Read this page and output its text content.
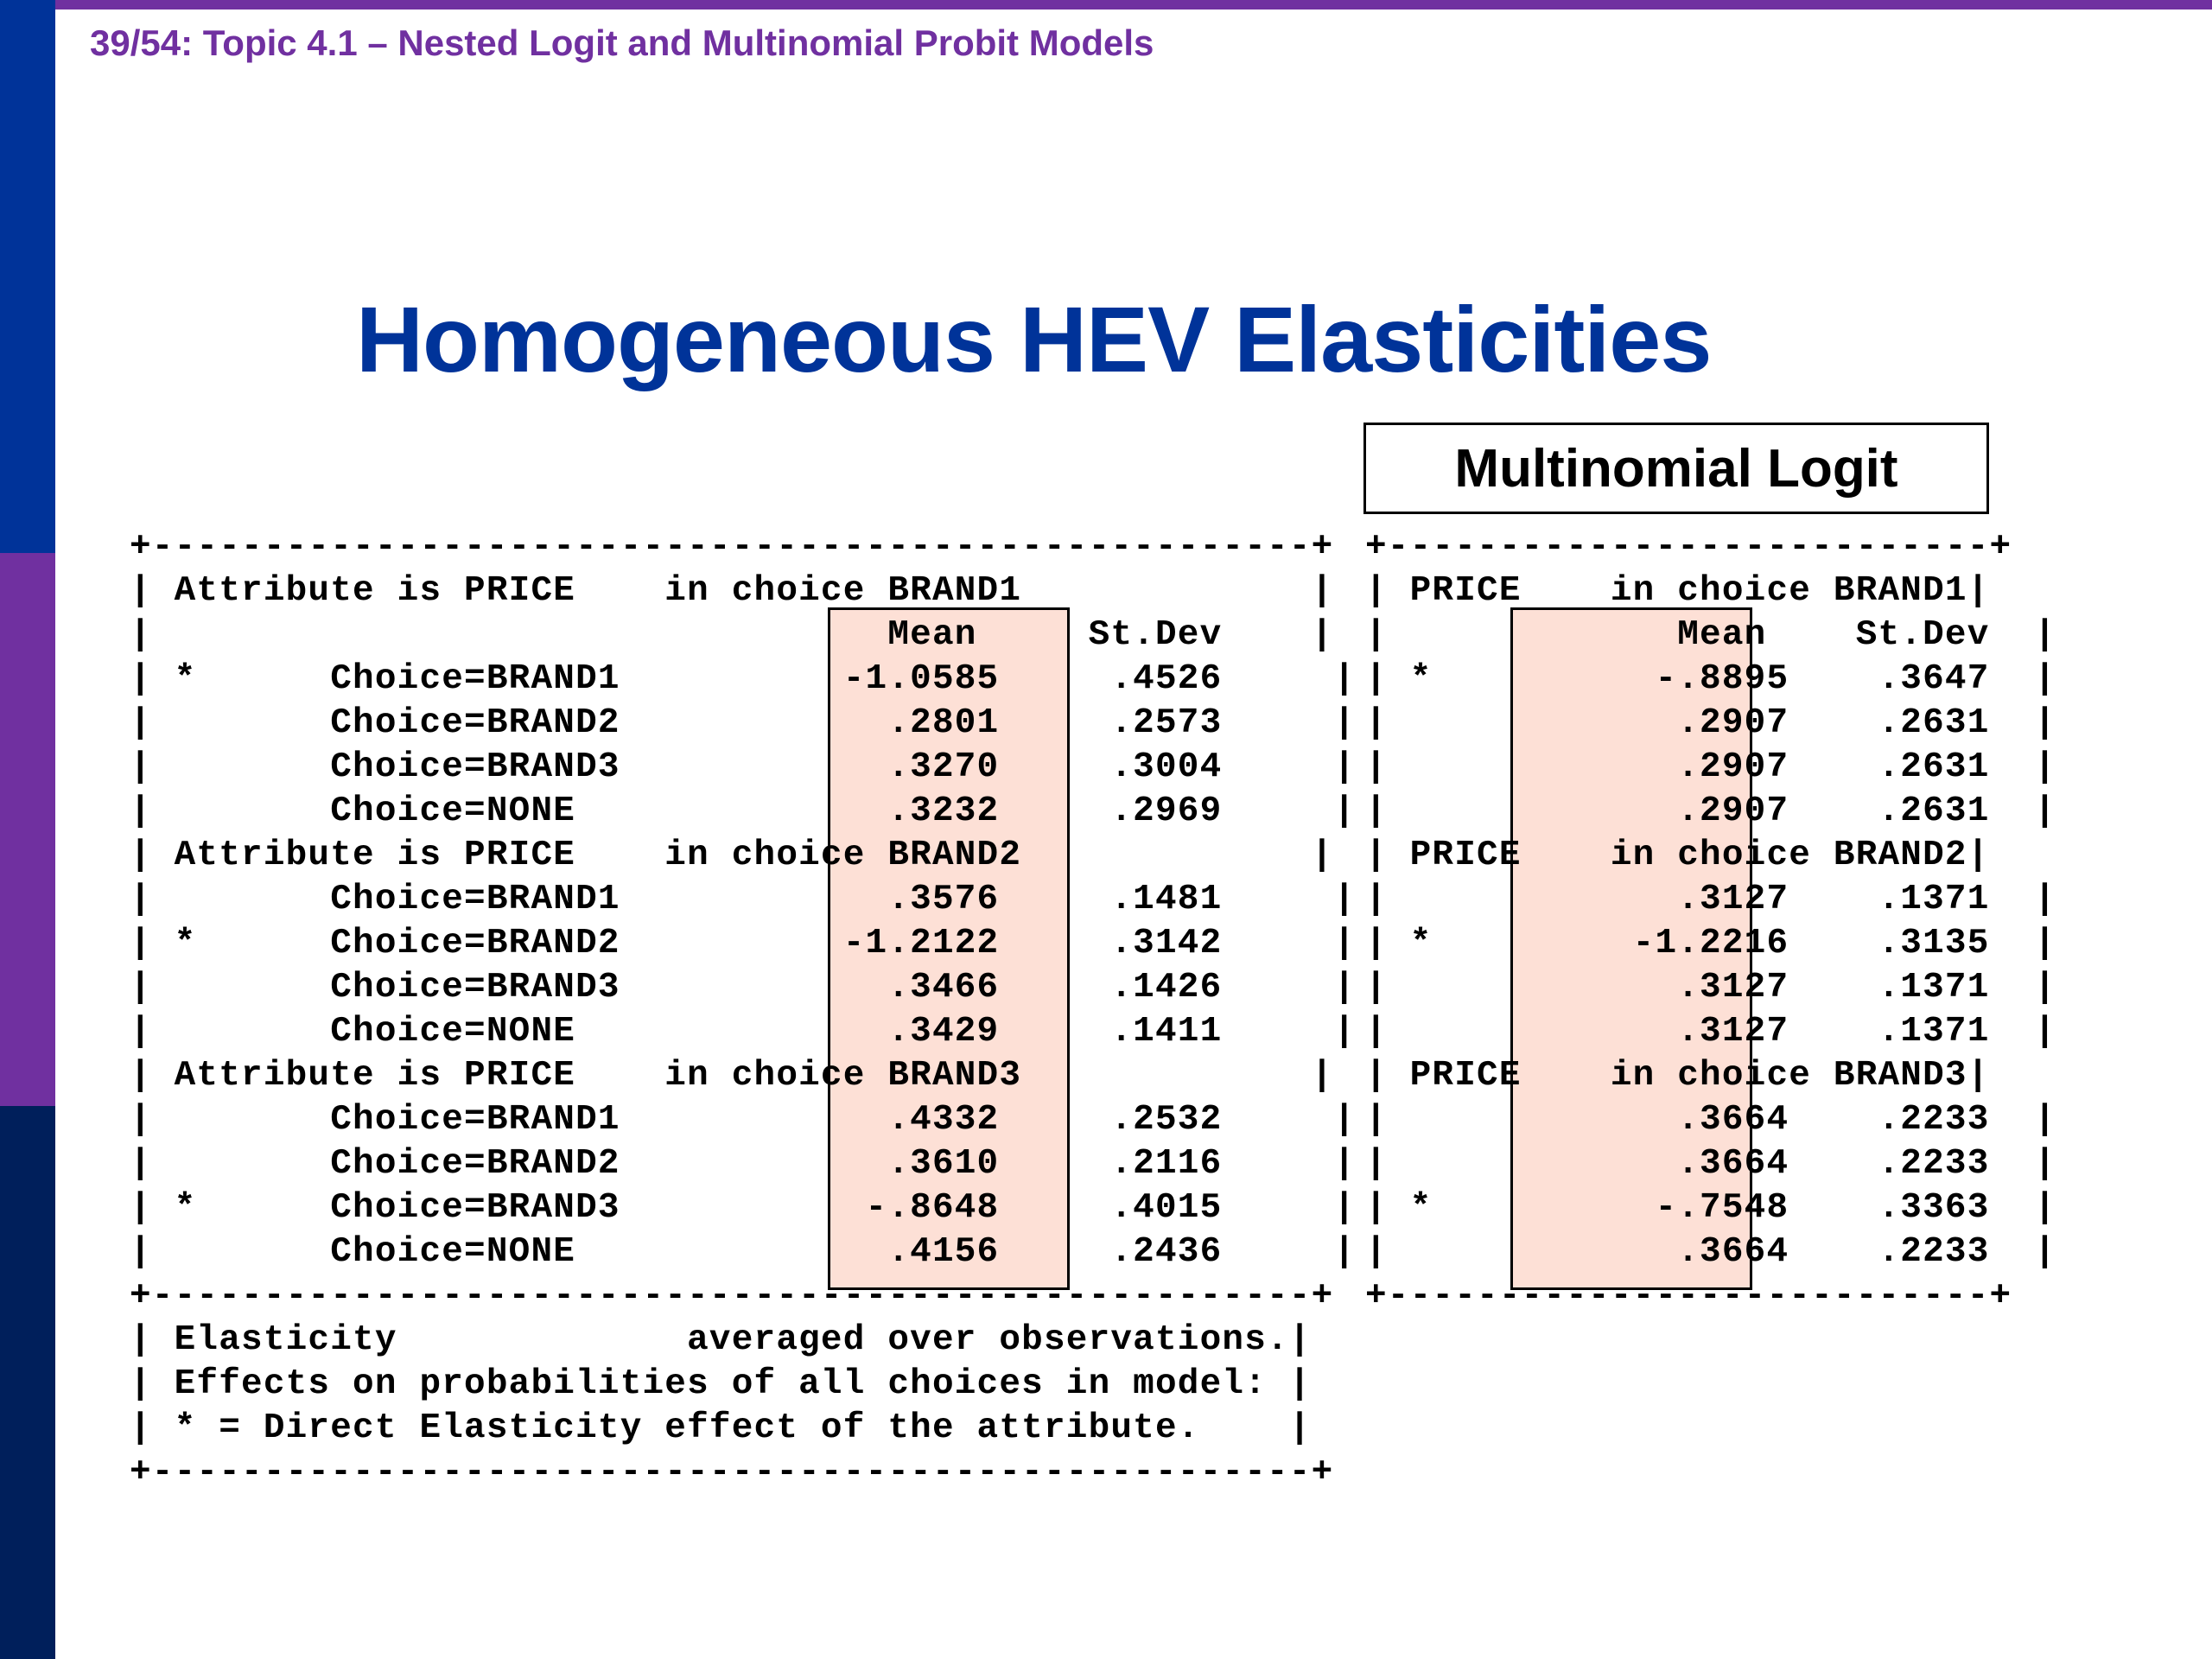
39/54: Topic 4.1 – Nested Logit and Multinomial Probit Models
Homogeneous HEV Elasticities
Multinomial Logit
+----------------------------------------------------+
| Attribute is PRICE    in choice BRAND1             |
|                                 Mean     St.Dev    |
| *      Choice=BRAND1          -1.0585     .4526     |
|        Choice=BRAND2            .2801     .2573     |
|        Choice=BRAND3            .3270     .3004     |
|        Choice=NONE              .3232     .2969     |
| Attribute is PRICE    in choice BRAND2             |
|        Choice=BRAND1            .3576     .1481     |
| *      Choice=BRAND2          -1.2122     .3142     |
|        Choice=BRAND3            .3466     .1426     |
|        Choice=NONE              .3429     .1411     |
| Attribute is PRICE    in choice BRAND3             |
|        Choice=BRAND1            .4332     .2532     |
|        Choice=BRAND2            .3610     .2116     |
| *      Choice=BRAND3           -.8648     .4015     |
|        Choice=NONE              .4156     .2436     |
+----------------------------------------------------+
| Elasticity             averaged over observations.|
| Effects on probabilities of all choices in model: |
| * = Direct Elasticity effect of the attribute.    |
+----------------------------------------------------+
+---------------------------+
| PRICE    in choice BRAND1|
|             Mean    St.Dev  |
| *          -.8895    .3647  |
|             .2907    .2631  |
|             .2907    .2631  |
|             .2907    .2631  |
| PRICE    in choice BRAND2|
|             .3127    .1371  |
| *         -1.2216    .3135  |
|             .3127    .1371  |
|             .3127    .1371  |
| PRICE    in choice BRAND3|
|             .3664    .2233  |
|             .3664    .2233  |
| *          -.7548    .3363  |
|             .3664    .2233  |
+---------------------------+
